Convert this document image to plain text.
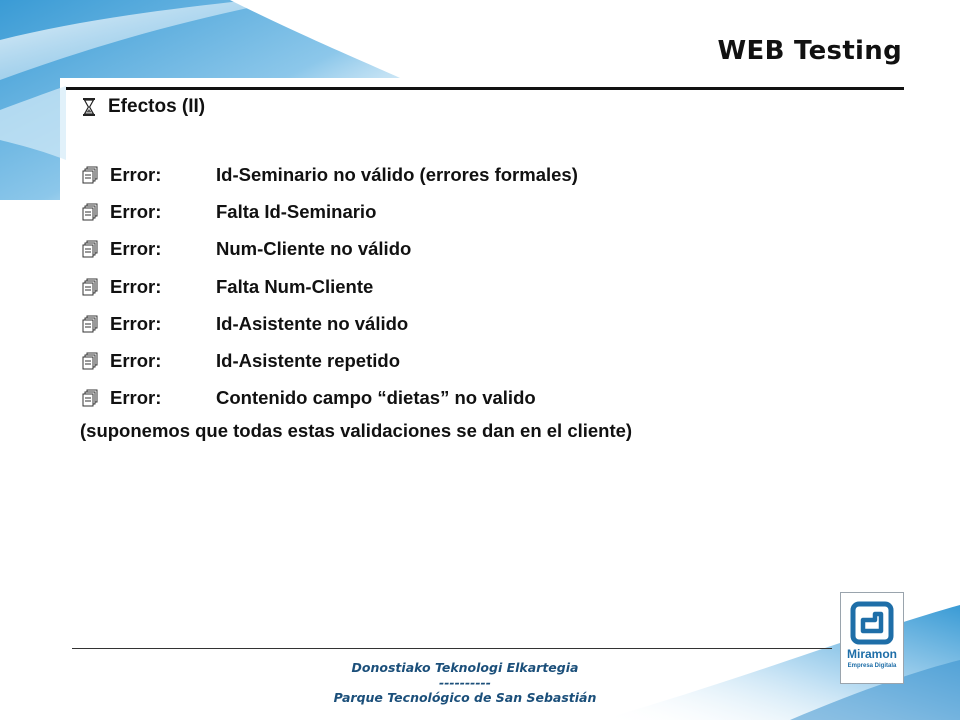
WEB Testing
Efectos (II)
Error:	Id-Seminario no válido (errores formales)
Error:	Falta Id-Seminario
Error:	Num-Cliente no válido
Error:	Falta Num-Cliente
Error:	Id-Asistente no válido
Error:	Id-Asistente repetido
Error:	Contenido campo “dietas” no valido
(suponemos que todas estas validaciones se dan en el cliente)
Donostiako Teknologi Elkartegia
----------
Parque Tecnológico de San Sebastián
Miramon
Empresa Digitala
